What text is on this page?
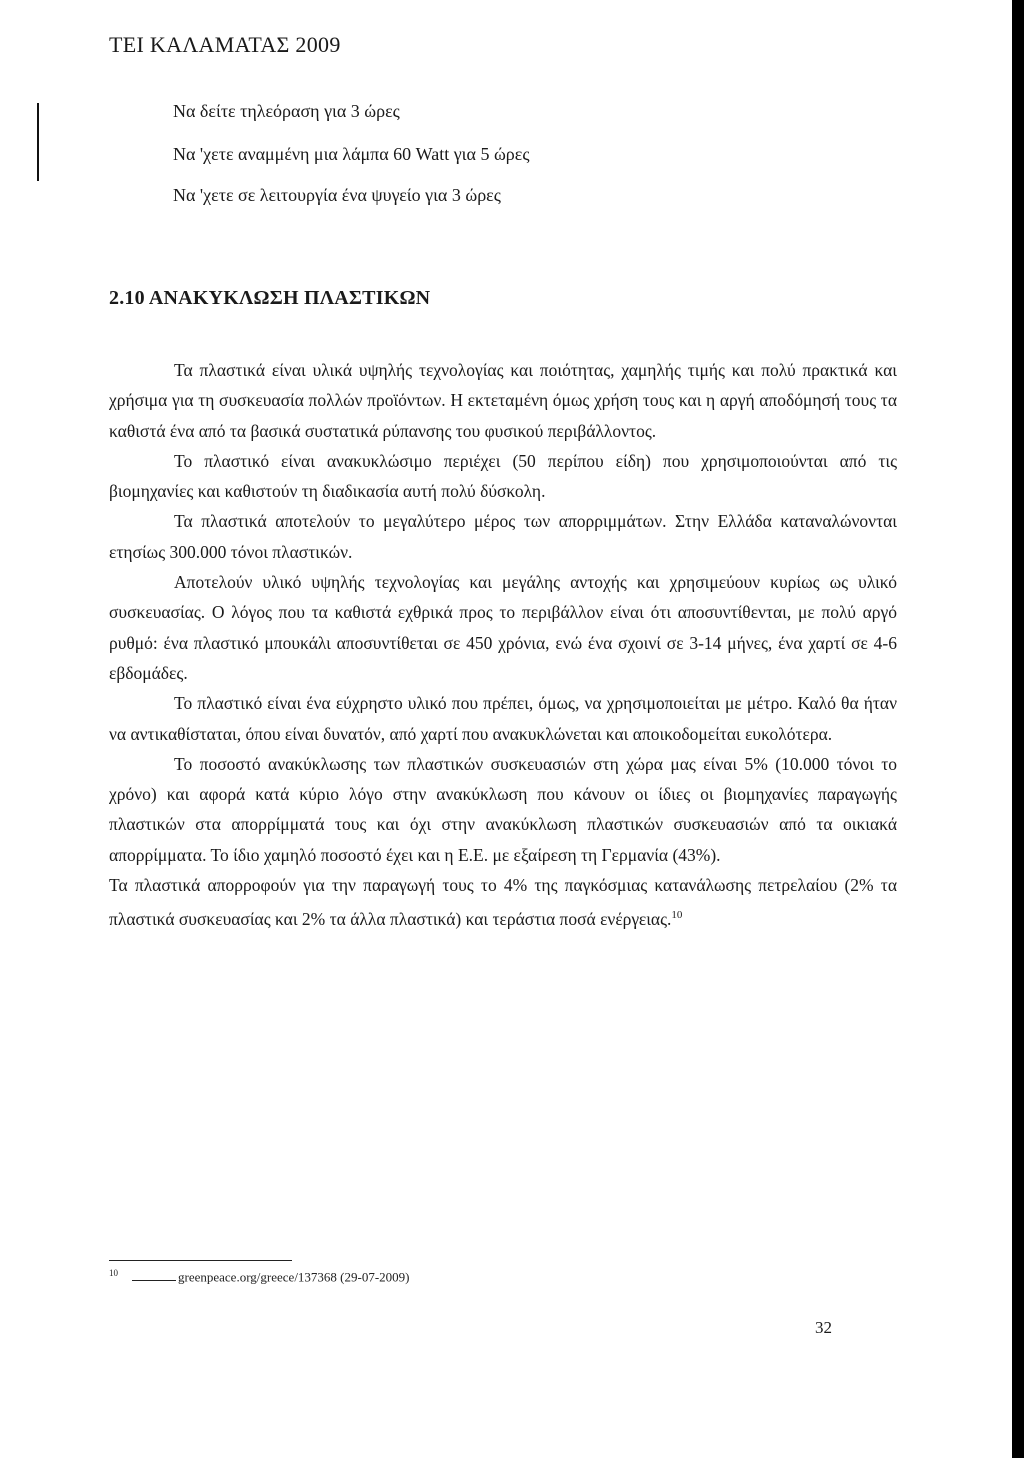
ΤΕΙ ΚΑΛΑΜΑΤΑΣ 2009

Να δείτε τηλεόραση για 3 ώρες

Να 'χετε αναμμένη μια λάμπα 60 Watt για 5 ώρες

Να 'χετε σε λειτουργία ένα ψυγείο για 3 ώρες

2.10 ΑΝΑΚΥΚΛΩΣΗ ΠΛΑΣΤΙΚΩΝ

Τα πλαστικά είναι υλικά υψηλής τεχνολογίας και ποιότητας, χαμηλής τιμής και πολύ πρακτικά και χρήσιμα για τη συσκευασία πολλών προϊόντων. Η εκτεταμένη όμως χρήση τους και η αργή αποδόμησή τους τα καθιστά ένα από τα βασικά συστατικά ρύπανσης του φυσικού περιβάλλοντος.

Το πλαστικό είναι ανακυκλώσιμο περιέχει (50 περίπου είδη) που χρησιμοποιούνται από τις βιομηχανίες και καθιστούν τη διαδικασία αυτή πολύ δύσκολη.

Τα πλαστικά αποτελούν το μεγαλύτερο μέρος των απορριμμάτων. Στην Ελλάδα καταναλώνονται ετησίως 300.000 τόνοι πλαστικών.

Αποτελούν υλικό υψηλής τεχνολογίας και μεγάλης αντοχής και χρησιμεύουν κυρίως ως υλικό συσκευασίας. Ο λόγος που τα καθιστά εχθρικά προς το περιβάλλον είναι ότι αποσυντίθενται, με πολύ αργό ρυθμό: ένα πλαστικό μπουκάλι αποσυντίθεται σε 450 χρόνια, ενώ ένα σχοινί σε 3-14 μήνες, ένα χαρτί σε 4-6 εβδομάδες.

Το πλαστικό είναι ένα εύχρηστο υλικό που πρέπει, όμως, να χρησιμοποιείται με μέτρο. Καλό θα ήταν να αντικαθίσταται, όπου είναι δυνατόν, από χαρτί που ανακυκλώνεται και αποικοδομείται ευκολότερα.

Το ποσοστό ανακύκλωσης των πλαστικών συσκευασιών στη χώρα μας είναι 5% (10.000 τόνοι το χρόνο) και αφορά κατά κύριο λόγο στην ανακύκλωση που κάνουν οι ίδιες οι βιομηχανίες παραγωγής πλαστικών στα απορρίμματά τους και όχι στην ανακύκλωση πλαστικών συσκευασιών από τα οικιακά απορρίμματα. Το ίδιο χαμηλό ποσοστό έχει και η Ε.Ε. με εξαίρεση τη Γερμανία (43%).

Τα πλαστικά απορροφούν για την παραγωγή τους το 4% της παγκόσμιας κατανάλωσης πετρελαίου (2% τα πλαστικά συσκευασίας και 2% τα άλλα πλαστικά) και τεράστια ποσά ενέργειας.$^{10}$

$^{10}$	greenpeace.org/greece/137368 (29-07-2009)

32
